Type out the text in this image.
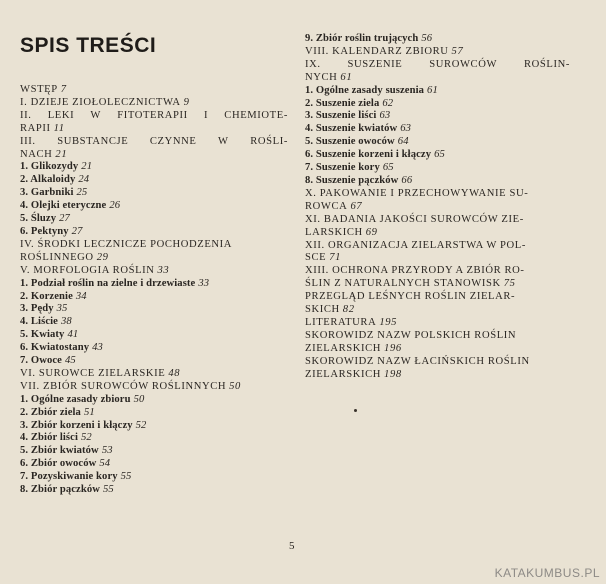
SPIS TREŚCI
WSTĘP 7
I. DZIEJE ZIOŁOLECZNICTWA 9
II. LEKI W FITOTERAPII I CHEMIOTE-
RAPII 11
III. SUBSTANCJE CZYNNE W ROŚLI-
NACH 21
1. Glikozydy 21
2. Alkaloidy 24
3. Garbniki 25
4. Olejki eteryczne 26
5. Śluzy 27
6. Pektyny 27
IV. ŚRODKI LECZNICZE POCHODZENIA
ROŚLINNEGO 29
V. MORFOLOGIA ROŚLIN 33
1. Podział roślin na zielne i drzewiaste 33
2. Korzenie 34
3. Pędy 35
4. Liście 38
5. Kwiaty 41
6. Kwiatostany 43
7. Owoce 45
VI. SUROWCE ZIELARSKIE 48
VII. ZBIÓR SUROWCÓW ROŚLINNYCH 50
1. Ogólne zasady zbioru 50
2. Zbiór ziela 51
3. Zbiór korzeni i kłączy 52
4. Zbiór liści 52
5. Zbiór kwiatów 53
6. Zbiór owoców 54
7. Pozyskiwanie kory 55
8. Zbiór pączków 55
9. Zbiór roślin trujących 56
VIII. KALENDARZ ZBIORU 57
IX.	SUSZENIE	SUROWCÓW	ROŚLIN-
NYCH 61
1. Ogólne zasady suszenia 61
2. Suszenie ziela 62
3. Suszenie liści 63
4. Suszenie kwiatów 63
5. Suszenie owoców 64
6. Suszenie korzeni i kłączy 65
7. Suszenie kory 65
8. Suszenie pączków 66
X. PAKOWANIE I PRZECHOWYWANIE SU-
ROWCA 67
XI. BADANIA JAKOŚCI SUROWCÓW ZIE-
LARSKICH 69
XII. ORGANIZACJA ZIELARSTWA W POL-
SCE 71
XIII. OCHRONA PRZYRODY A ZBIÓR RO-
ŚLIN Z NATURALNYCH STANOWISK 75
PRZEGLĄD LEŚNYCH ROŚLIN ZIELAR-
SKICH 82
LITERATURA 195
SKOROWIDZ NAZW POLSKICH ROŚLIN
ZIELARSKICH 196
SKOROWIDZ NAZW ŁACIŃSKICH ROŚLIN
ZIELARSKICH 198
5
KATAKUMBUS.PL
